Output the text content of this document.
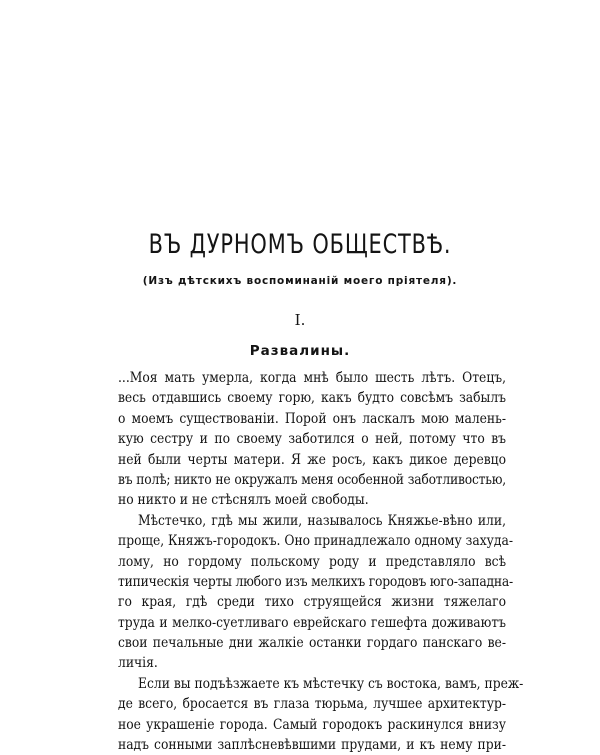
ВЪ ДУРНОМЪ ОБЩЕСТВѢ.
(Изъ дѣтскихъ воспоминаній моего пріятеля).
I.
Развалины.
...Моя мать умерла, когда мнѣ было шесть лѣтъ. Отецъ,
весь отдавшись своему горю, какъ будто совсѣмъ забылъ
о моемъ существованіи. Порой онъ ласкалъ мою малень-
кую сестру и по своему заботился о ней, потому что въ
ней были черты матери. Я же росъ, какъ дикое деревцо
въ полѣ; никто не окружалъ меня особенной заботливостью,
но никто и не стѣснялъ моей свободы.
Мѣстечко, гдѣ мы жили, называлось Княжье-вѣно или,
проще, Княжъ-городокъ. Оно принадлежало одному захуда-
лому, но гордому польскому роду и представляло всѣ
типическія черты любого изъ мелкихъ городовъ юго-западна-
го края, гдѣ среди тихо струящейся жизни тяжелаго
труда и мелко-суетливаго еврейскаго гешефта доживаютъ
свои печальные дни жалкіе останки гордаго панскаго ве-
личія.
Если вы подъѣзжаете къ мѣстечку съ востока, вамъ, преж-
де всего, бросается въ глаза тюрьма, лучшее архитектур-
ное украшеніе города. Самый городокъ раскинулся внизу
надъ сонными заплѣсневѣвшими прудами, и къ нему при-
